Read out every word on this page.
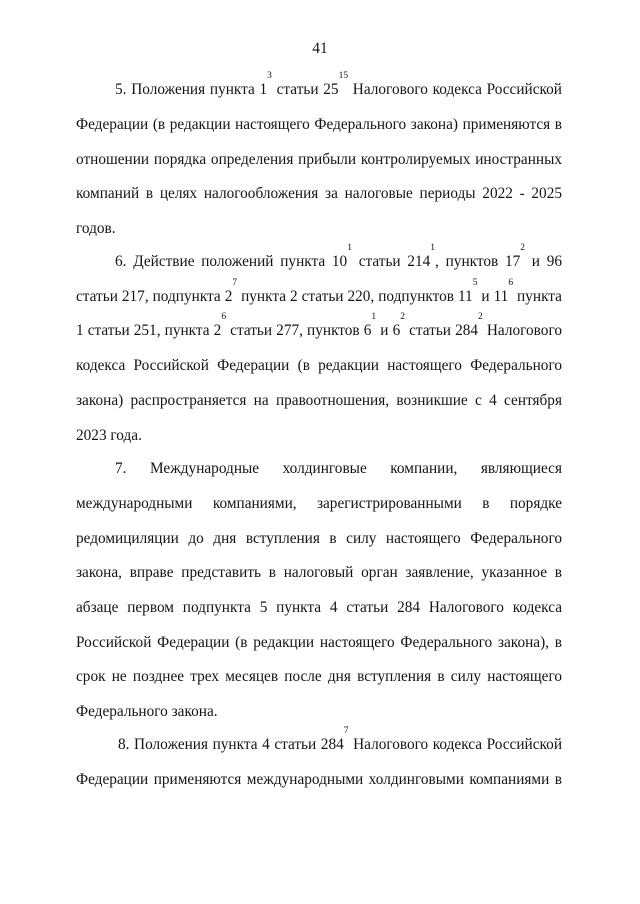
41
5. Положения пункта $1^3$ статьи $25^{15}$ Налогового кодекса Российской
Федерации (в редакции настоящего Федерального закона) применяются в
отношении порядка определения прибыли контролируемых иностранных
компаний в целях налогообложения за налоговые периоды 2022 - 2025
годов.
6. Действие положений пункта $10^1$ статьи $214^1$, пунктов $17^2$ и 96
статьи 217, подпункта $2^7$ пункта 2 статьи 220, подпунктов $11^5$ и $11^6$ пункта
1 статьи 251, пункта $2^6$ статьи 277, пунктов $6^1$ и $6^2$ статьи $284^2$ Налогового
кодекса Российской Федерации (в редакции настоящего Федерального
закона) распространяется на правоотношения, возникшие с 4 сентября
2023 года.
7. Международные холдинговые компании, являющиеся
международными компаниями, зарегистрированными в порядке
редомициляции до дня вступления в силу настоящего Федерального
закона, вправе представить в налоговый орган заявление, указанное в
абзаце первом подпункта 5 пункта 4 статьи 284 Налогового кодекса
Российской Федерации (в редакции настоящего Федерального закона), в
срок не позднее трех месяцев после дня вступления в силу настоящего
Федерального закона.
8. Положения пункта 4 статьи $284^7$ Налогового кодекса Российской
Федерации применяются международными холдинговыми компаниями в
